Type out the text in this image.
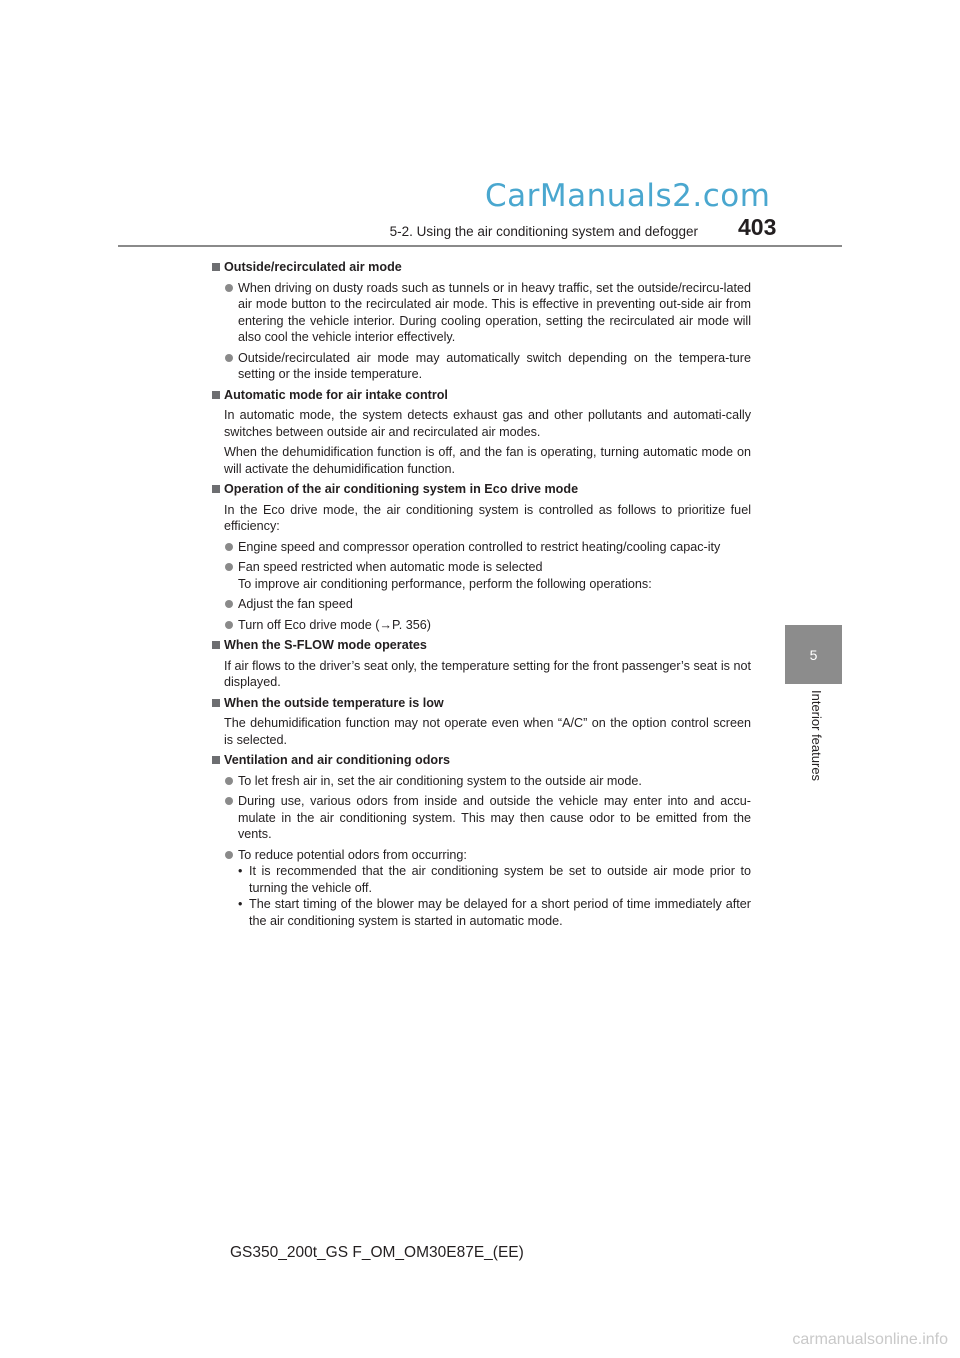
CarManuals2.com
5-2. Using the air conditioning system and defogger 403
5
Interior features
Outside/recirculated air mode
When driving on dusty roads such as tunnels or in heavy traffic, set the outside/recircu-lated air mode button to the recirculated air mode. This is effective in preventing out-side air from entering the vehicle interior. During cooling operation, setting the recirculated air mode will also cool the vehicle interior effectively.
Outside/recirculated air mode may automatically switch depending on the tempera-ture setting or the inside temperature.
Automatic mode for air intake control
In automatic mode, the system detects exhaust gas and other pollutants and automati-cally switches between outside air and recirculated air modes.
When the dehumidification function is off, and the fan is operating, turning automatic mode on will activate the dehumidification function.
Operation of the air conditioning system in Eco drive mode
In the Eco drive mode, the air conditioning system is controlled as follows to prioritize fuel efficiency:
Engine speed and compressor operation controlled to restrict heating/cooling capac-ity
Fan speed restricted when automatic mode is selected
To improve air conditioning performance, perform the following operations:
Adjust the fan speed
Turn off Eco drive mode (→P. 356)
When the S-FLOW mode operates
If air flows to the driver’s seat only, the temperature setting for the front passenger’s seat is not displayed.
When the outside temperature is low
The dehumidification function may not operate even when “A/C” on the option control screen is selected.
Ventilation and air conditioning odors
To let fresh air in, set the air conditioning system to the outside air mode.
During use, various odors from inside and outside the vehicle may enter into and accu-mulate in the air conditioning system. This may then cause odor to be emitted from the vents.
To reduce potential odors from occurring:
• It is recommended that the air conditioning system be set to outside air mode prior to turning the vehicle off.
• The start timing of the blower may be delayed for a short period of time immediately after the air conditioning system is started in automatic mode.
GS350_200t_GS F_OM_OM30E87E_(EE)
carmanualsonline.info
